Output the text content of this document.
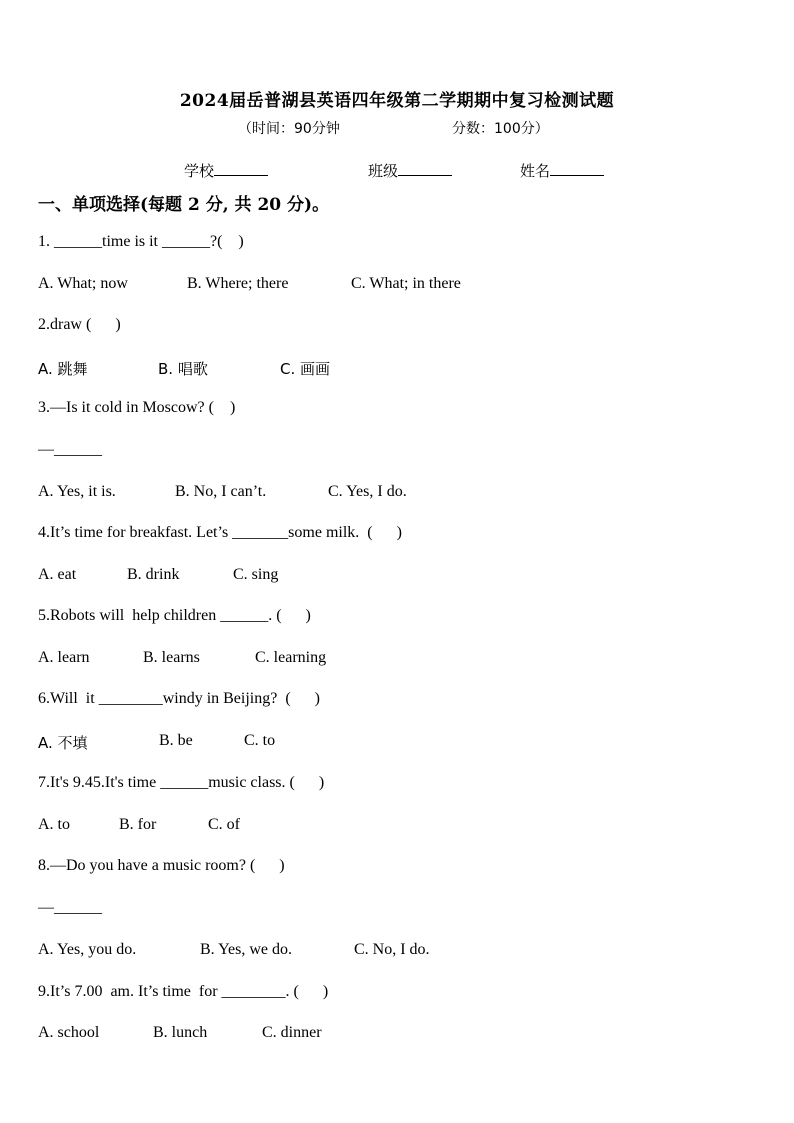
2024届岳普湖县英语四年级第二学期期中复习检测试题
（时间：90分钟	分数：100分）
学校	班级	姓名
一、单项选择(每题 2 分, 共 20 分)。
1. ______time is it ______?(    )
A. What; now	B. Where; there	C. What; in there
2.draw (      )
A. 跳舞	B. 唱歌	C. 画画
3.—Is it cold in Moscow? (    )
—______
A. Yes, it is.	B. No, I can’t.	C. Yes, I do.
4.It’s time for breakfast. Let’s _______some milk.  (      )
A. eat	B. drink	C. sing
5.Robots will  help children ______. (      )
A. learn	B. learns	C. learning
6.Will  it ________windy in Beijing?  (      )
A. 不填	B. be	C. to
7.It's 9.45.It's time ______music class. (      )
A. to	B. for	C. of
8.—Do you have a music room? (      )
—______
A. Yes, you do.	B. Yes, we do.	C. No, I do.
9.It’s 7.00  am. It’s time  for ________. (      )
A. school	B. lunch	C. dinner
